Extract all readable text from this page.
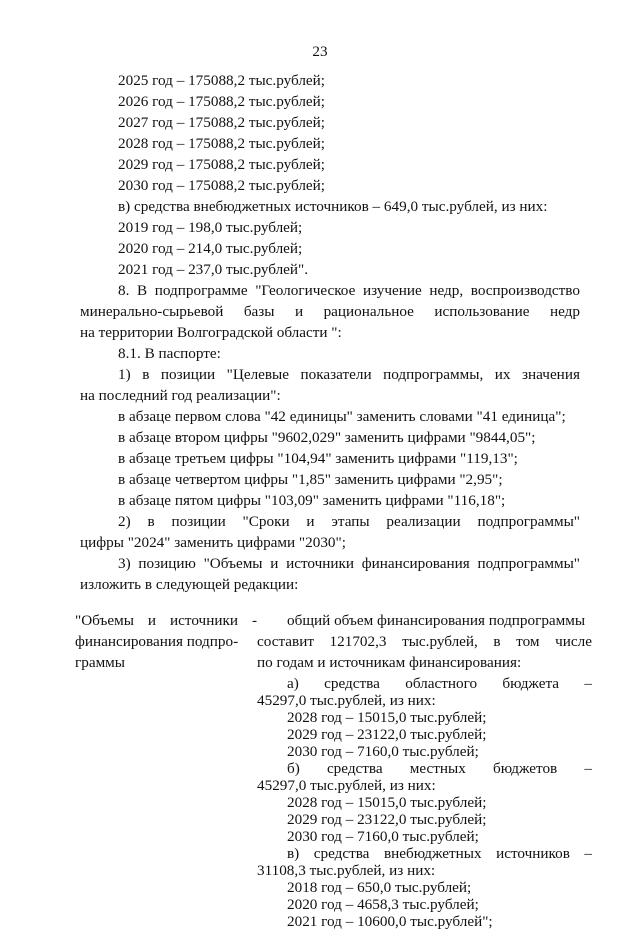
23
2025 год – 175088,2 тыс.рублей;
2026 год – 175088,2 тыс.рублей;
2027 год – 175088,2 тыс.рублей;
2028 год – 175088,2 тыс.рублей;
2029 год – 175088,2 тыс.рублей;
2030 год – 175088,2 тыс.рублей;
в) средства внебюджетных источников – 649,0 тыс.рублей, из них:
2019 год – 198,0 тыс.рублей;
2020 год – 214,0 тыс.рублей;
2021 год – 237,0 тыс.рублей".
8. В подпрограмме "Геологическое изучение недр, воспроизводство
минерально-сырьевой базы и рациональное использование недр
на территории Волгоградской области ":
8.1. В паспорте:
1) в позиции "Целевые показатели подпрограммы, их значения
на последний год реализации":
в абзаце первом слова "42 единицы" заменить словами "41 единица";
в абзаце втором цифры "9602,029" заменить цифрами "9844,05";
в абзаце третьем цифры "104,94" заменить цифрами "119,13";
в абзаце четвертом цифры "1,85" заменить цифрами "2,95";
в абзаце пятом цифры "103,09" заменить цифрами "116,18";
2) в позиции "Сроки и этапы реализации подпрограммы"
цифры "2024" заменить цифрами "2030";
3) позицию "Объемы и источники финансирования подпрограммы"
изложить в следующей редакции:
"Объемы и источники -
финансирования подпро-
граммы
общий объем финансирования подпрограммы
составит 121702,3 тыс.рублей, в том числе
по годам и источникам финансирования:
а) средства областного бюджета –
45297,0 тыс.рублей, из них:
2028 год – 15015,0 тыс.рублей;
2029 год – 23122,0 тыс.рублей;
2030 год – 7160,0 тыс.рублей;
б) средства местных бюджетов –
45297,0 тыс.рублей, из них:
2028 год – 15015,0 тыс.рублей;
2029 год – 23122,0 тыс.рублей;
2030 год – 7160,0 тыс.рублей;
в) средства внебюджетных источников –
31108,3 тыс.рублей, из них:
2018 год – 650,0 тыс.рублей;
2020 год – 4658,3 тыс.рублей;
2021 год – 10600,0 тыс.рублей";
